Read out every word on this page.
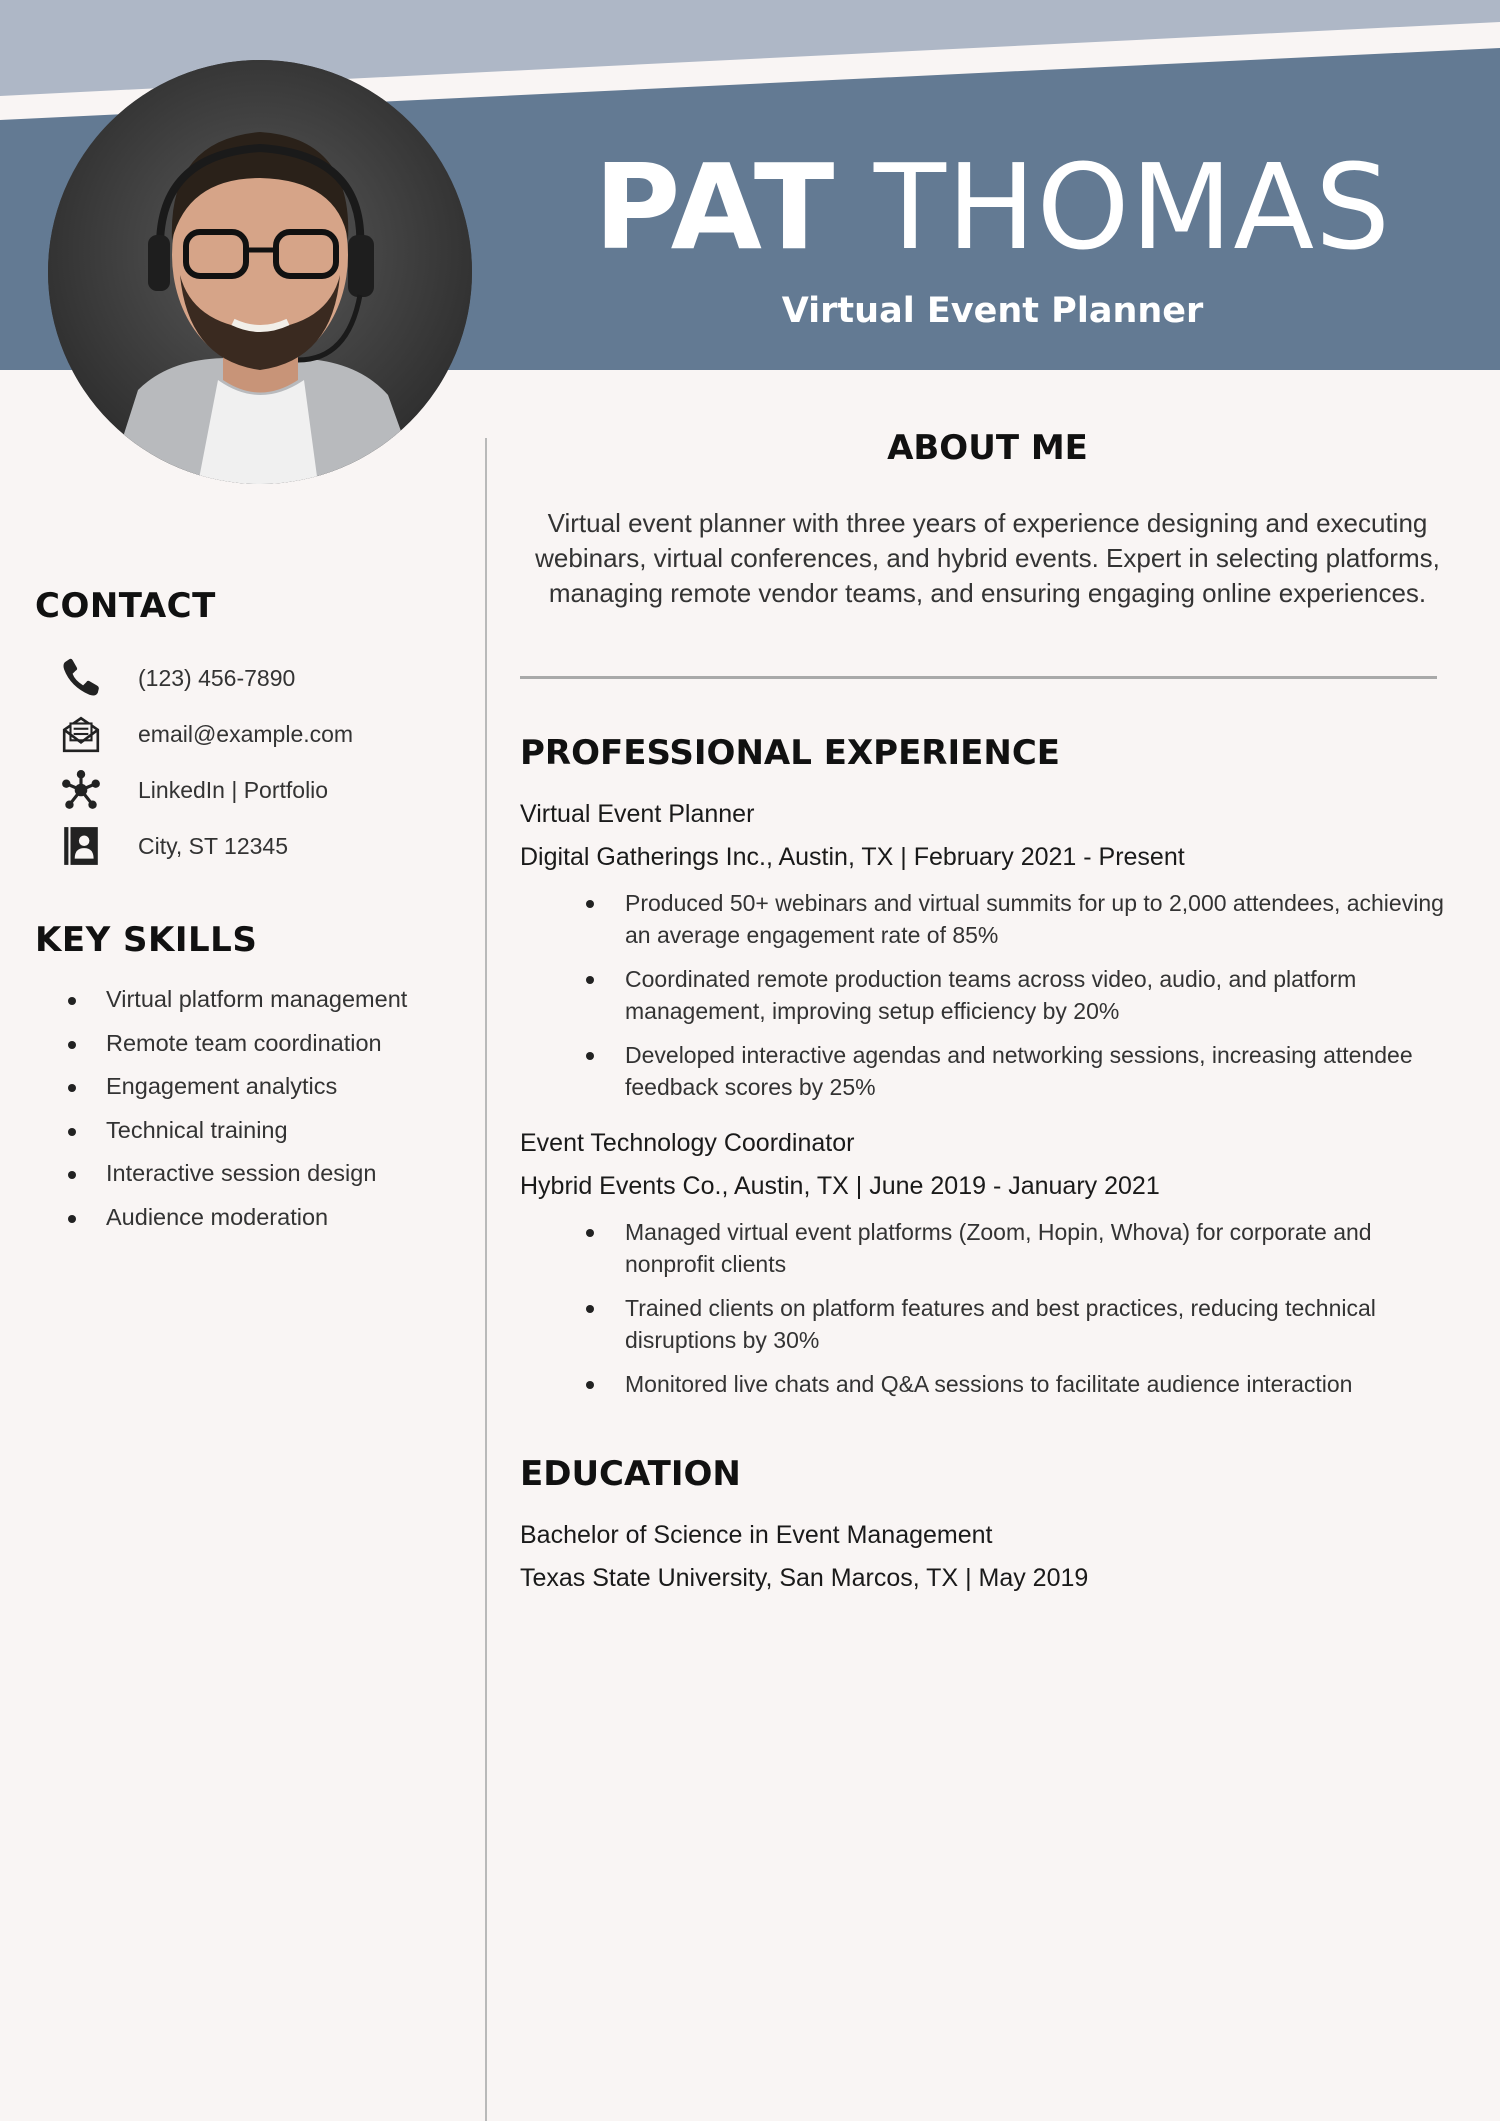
PAT THOMAS
Virtual Event Planner
CONTACT
(123) 456-7890
email@example.com
LinkedIn | Portfolio
City, ST 12345
KEY SKILLS
Virtual platform management
Remote team coordination
Engagement analytics
Technical training
Interactive session design
Audience moderation
ABOUT ME

Virtual event planner with three years of experience designing and executing webinars, virtual conferences, and hybrid events. Expert in selecting platforms, managing remote vendor teams, and ensuring engaging online experiences.

PROFESSIONAL EXPERIENCE

Virtual Event Planner

Digital Gatherings Inc., Austin, TX | February 2021 - Present

Produced 50+ webinars and virtual summits for up to 2,000 attendees, achieving an average engagement rate of 85%
Coordinated remote production teams across video, audio, and platform management, improving setup efficiency by 20%
Developed interactive agendas and networking sessions, increasing attendee feedback scores by 25%

Event Technology Coordinator

Hybrid Events Co., Austin, TX | June 2019 - January 2021

Managed virtual event platforms (Zoom, Hopin, Whova) for corporate and nonprofit clients
Trained clients on platform features and best practices, reducing technical disruptions by 30%
Monitored live chats and Q&A sessions to facilitate audience interaction
EDUCATION

Bachelor of Science in Event Management

Texas State University, San Marcos, TX | May 2019
